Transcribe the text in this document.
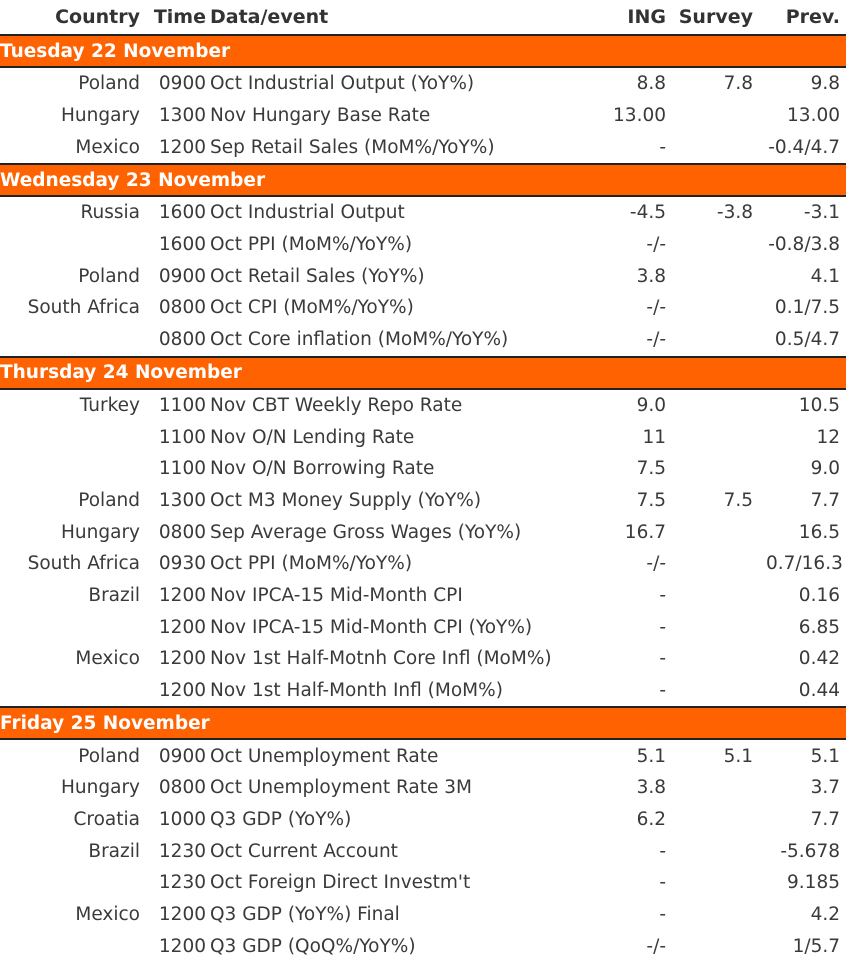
Country	Time	Data/event	ING	Survey	Prev.
Tuesday 22 November					
Poland	0900	Oct Industrial Output (YoY%)	8.8	7.8	9.8
Hungary	1300	Nov Hungary Base Rate	13.00		13.00
Mexico	1200	Sep Retail Sales (MoM%/YoY%)	-		-0.4/4.7
Wednesday 23 November					
Russia	1600	Oct Industrial Output	-4.5	-3.8	-3.1
	1600	Oct PPI (MoM%/YoY%)	-/-		-0.8/3.8
Poland	0900	Oct Retail Sales (YoY%)	3.8		4.1
South Africa	0800	Oct CPI (MoM%/YoY%)	-/-		0.1/7.5
	0800	Oct Core inflation (MoM%/YoY%)	-/-		0.5/4.7
Thursday 24 November					
Turkey	1100	Nov CBT Weekly Repo Rate	9.0		10.5
	1100	Nov O/N Lending Rate	11		12
	1100	Nov O/N Borrowing Rate	7.5		9.0
Poland	1300	Oct M3 Money Supply (YoY%)	7.5	7.5	7.7
Hungary	0800	Sep Average Gross Wages (YoY%)	16.7		16.5
South Africa	0930	Oct PPI (MoM%/YoY%)	-/-		0.7/16.3
Brazil	1200	Nov IPCA-15 Mid-Month CPI	-		0.16
	1200	Nov IPCA-15 Mid-Month CPI (YoY%)	-		6.85
Mexico	1200	Nov 1st Half-Motnh Core Infl (MoM%)	-		0.42
	1200	Nov 1st Half-Month Infl (MoM%)	-		0.44
Friday 25 November					
Poland	0900	Oct Unemployment Rate	5.1	5.1	5.1
Hungary	0800	Oct Unemployment Rate 3M	3.8		3.7
Croatia	1000	Q3 GDP (YoY%)	6.2		7.7
Brazil	1230	Oct Current Account	-		-5.678
	1230	Oct Foreign Direct Investm't	-		9.185
Mexico	1200	Q3 GDP (YoY%) Final	-		4.2
	1200	Q3 GDP (QoQ%/YoY%)	-/-		1/5.7
